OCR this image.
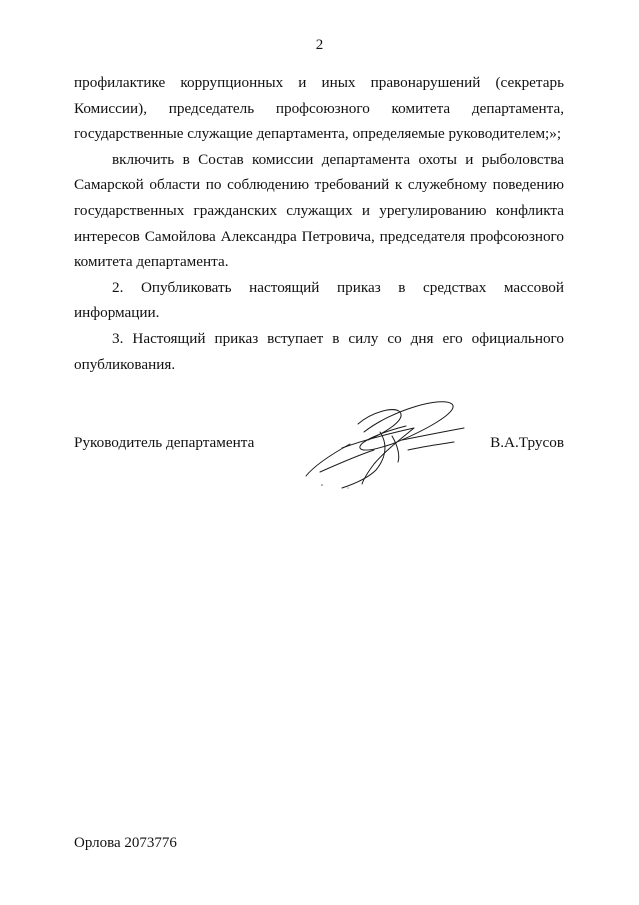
2

профилактике коррупционных и иных правонарушений (секретарь Комиссии), председатель профсоюзного комитета департамента, государственные служащие департамента, определяемые руководителем;»;

включить в Состав комиссии департамента охоты и рыболовства Самарской области по соблюдению требований к служебному поведению государственных гражданских служащих и урегулированию конфликта интересов Самойлова Александра Петровича, председателя профсоюзного комитета департамента.

2. Опубликовать настоящий приказ в средствах массовой информации.

3. Настоящий приказ вступает в силу со дня его официального опубликования.

Руководитель департамента	В.А.Трусов
Орлова 2073776
